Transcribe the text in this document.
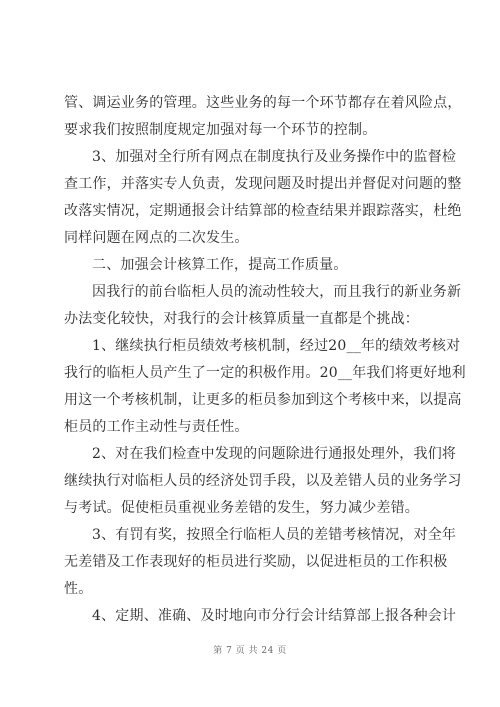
管、调运业务的管理。这些业务的每一个环节都存在着风险点，
要求我们按照制度规定加强对每一个环节的控制。
3、加强对全行所有网点在制度执行及业务操作中的监督检
查工作，并落实专人负责，发现问题及时提出并督促对问题的整
改落实情况，定期通报会计结算部的检查结果并跟踪落实，杜绝
同样问题在网点的二次发生。
二、加强会计核算工作，提高工作质量。
因我行的前台临柜人员的流动性较大，而且我行的新业务新
办法变化较快，对我行的会计核算质量一直都是个挑战：
1、继续执行柜员绩效考核机制，经过20__年的绩效考核对
我行的临柜人员产生了一定的积极作用。20__年我们将更好地利
用这一个考核机制，让更多的柜员参加到这个考核中来，以提高
柜员的工作主动性与责任性。
2、对在我们检查中发现的问题除进行通报处理外，我们将
继续执行对临柜人员的经济处罚手段，以及差错人员的业务学习
与考试。促使柜员重视业务差错的发生，努力减少差错。
3、有罚有奖，按照全行临柜人员的差错考核情况，对全年
无差错及工作表现好的柜员进行奖励，以促进柜员的工作积极
性。
4、定期、准确、及时地向市分行会计结算部上报各种会计
第 7 页 共 24 页
